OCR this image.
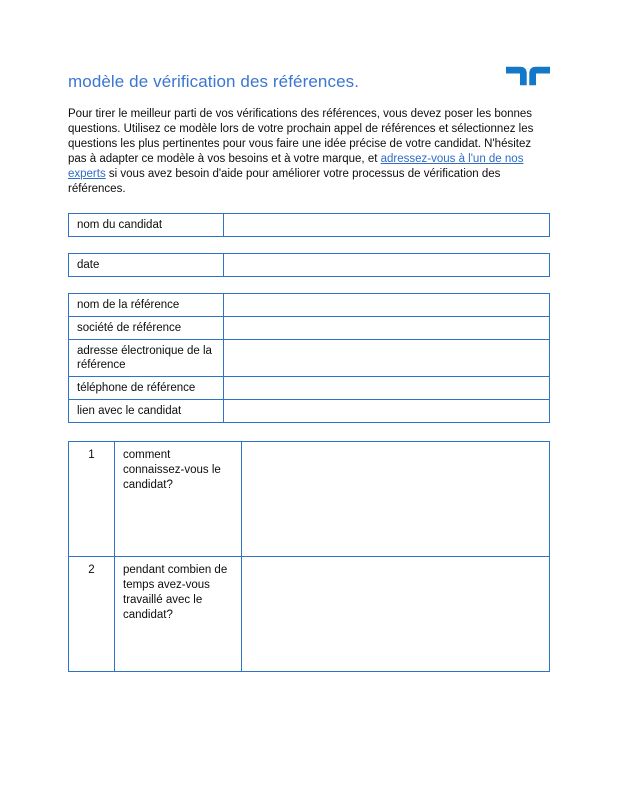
modèle de vérification des références.

Pour tirer le meilleur parti de vos vérifications des références, vous devez poser les bonnes questions. Utilisez ce modèle lors de votre prochain appel de références et sélectionnez les questions les plus pertinentes pour vous faire une idée précise de votre candidat. N'hésitez pas à adapter ce modèle à vos besoins et à votre marque, et adressez-vous à l'un de nos experts si vous avez besoin d'aide pour améliorer votre processus de vérification des références.

nom du candidat	
date	
nom de la référence	
société de référence	
adresse électronique de la référence	
téléphone de référence	
lien avec le candidat	
1	comment connaissez-vous le candidat?	
2	pendant combien de temps avez-vous travaillé avec le candidat?	
